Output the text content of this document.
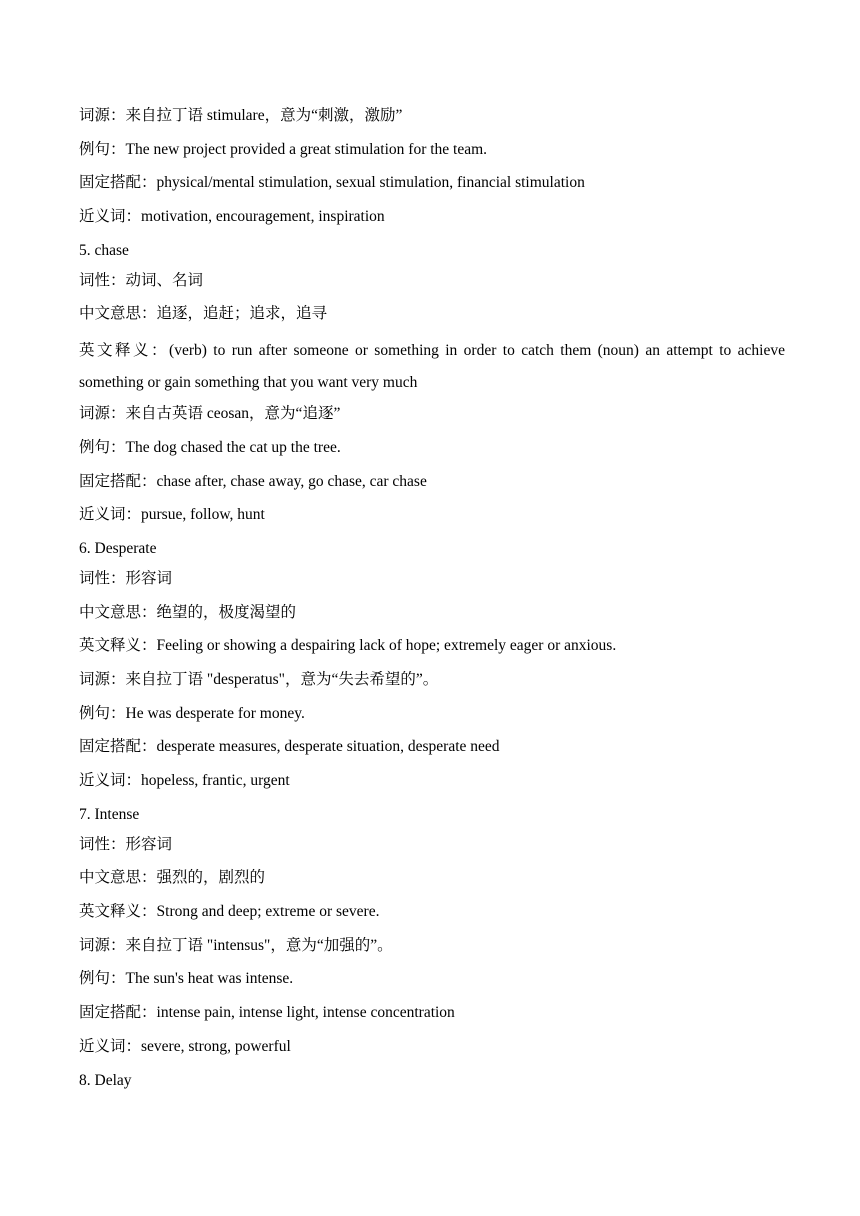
词源：来自拉丁语 stimulare，意为“刺激，激励”
例句：The new project provided a great stimulation for the team.
固定搭配：physical/mental stimulation, sexual stimulation, financial stimulation
近义词：motivation, encouragement, inspiration
5. chase
词性：动词、名词
中文意思：追逐，追赶；追求，追寻
英文释义：(verb) to run after someone or something in order to catch them (noun) an attempt to achieve something or gain something that you want very much
词源：来自古英语 ceosan，意为“追逐”
例句：The dog chased the cat up the tree.
固定搭配：chase after, chase away, go chase, car chase
近义词：pursue, follow, hunt
6. Desperate
词性：形容词
中文意思：绝望的，极度渴望的
英文释义：Feeling or showing a despairing lack of hope; extremely eager or anxious.
词源：来自拉丁语 "desperatus"，意为“失去希望的”。
例句：He was desperate for money.
固定搭配：desperate measures, desperate situation, desperate need
近义词：hopeless, frantic, urgent
7. Intense
词性：形容词
中文意思：强烈的，剧烈的
英文释义：Strong and deep; extreme or severe.
词源：来自拉丁语 "intensus"，意为“加强的”。
例句：The sun's heat was intense.
固定搭配：intense pain, intense light, intense concentration
近义词：severe, strong, powerful
8. Delay
